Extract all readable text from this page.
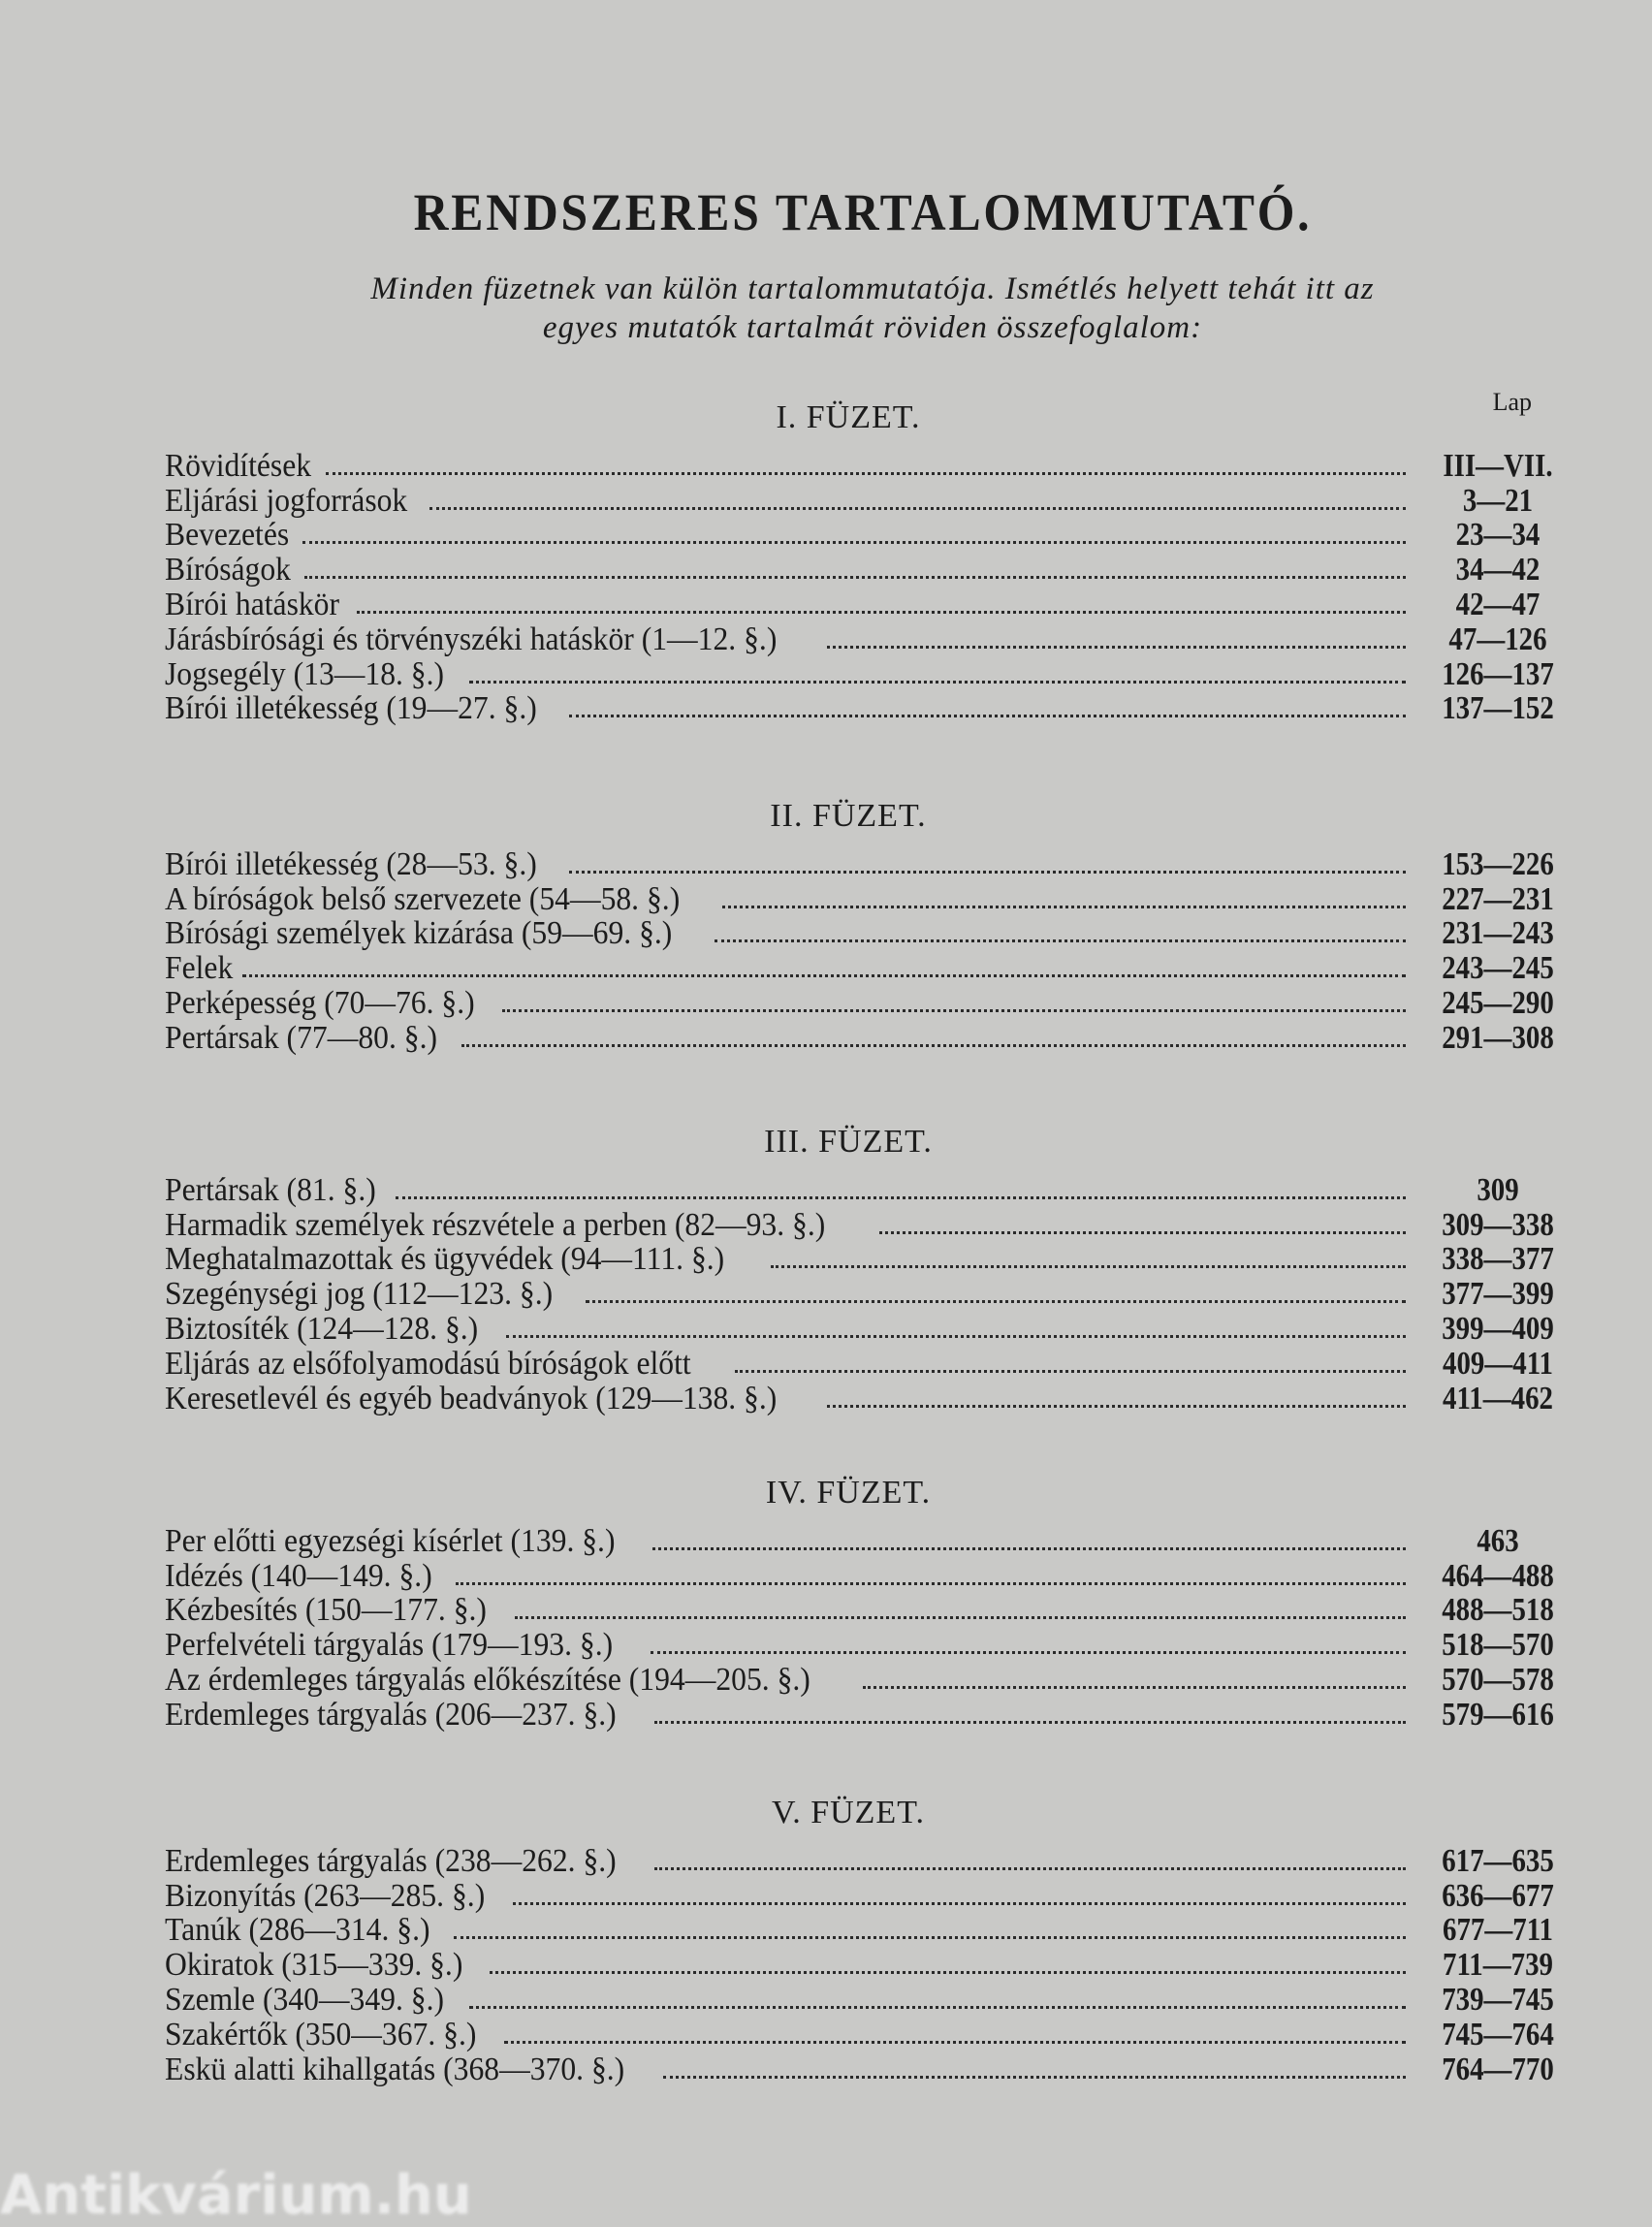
RENDSZERES TARTALOMMUTATÓ.
Minden füzetnek van külön tartalommutatója. Ismétlés helyett tehát itt az
egyes mutatók tartalmát röviden összefoglalom:
I. FÜZET.	Lap
Rövidítések	III—VII.
Eljárási jogforrások	3—21
Bevezetés	23—34
Bíróságok	34—42
Bírói hatáskör	42—47
Járásbírósági és törvényszéki hatáskör (1—12. §.)	47—126
Jogsegély (13—18. §.)	126—137
Bírói illetékesség (19—27. §.)	137—152
II. FÜZET.
Bírói illetékesség (28—53. §.)	153—226
A bíróságok belső szervezete (54—58. §.)	227—231
Bírósági személyek kizárása (59—69. §.)	231—243
Felek	243—245
Perképesség (70—76. §.)	245—290
Pertársak (77—80. §.)	291—308
III. FÜZET.
Pertársak (81. §.)	309
Harmadik személyek részvétele a perben (82—93. §.)	309—338
Meghatalmazottak és ügyvédek (94—111. §.)	338—377
Szegénységi jog (112—123. §.)	377—399
Biztosíték (124—128. §.)	399—409
Eljárás az elsőfolyamodású bíróságok előtt	409—411
Keresetlevél és egyéb beadványok (129—138. §.)	411—462
IV. FÜZET.
Per előtti egyezségi kísérlet (139. §.)	463
Idézés (140—149. §.)	464—488
Kézbesítés (150—177. §.)	488—518
Perfelvételi tárgyalás (179—193. §.)	518—570
Az érdemleges tárgyalás előkészítése (194—205. §.)	570—578
Erdemleges tárgyalás (206—237. §.)	579—616
V. FÜZET.
Erdemleges tárgyalás (238—262. §.)	617—635
Bizonyítás (263—285. §.)	636—677
Tanúk (286—314. §.)	677—711
Okiratok (315—339. §.)	711—739
Szemle (340—349. §.)	739—745
Szakértők (350—367. §.)	745—764
Eskü alatti kihallgatás (368—370. §.)	764—770
Antikvárium.hu
